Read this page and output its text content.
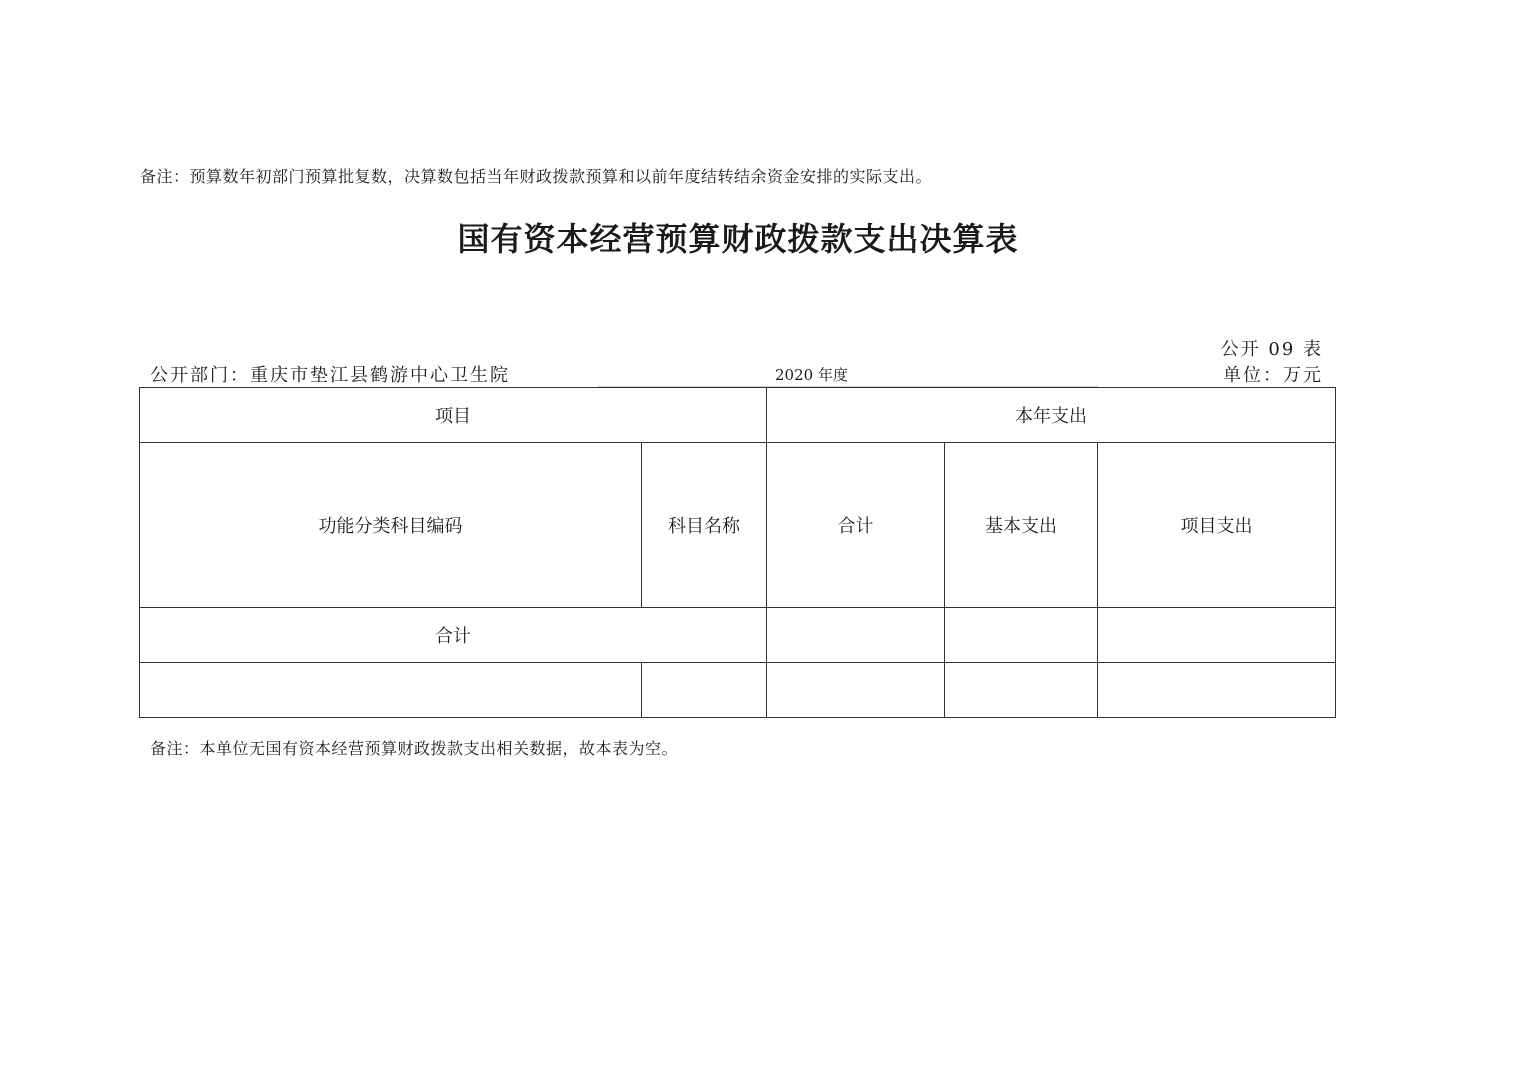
备注：预算数年初部门预算批复数，决算数包括当年财政拨款预算和以前年度结转结余资金安排的实际支出。
国有资本经营预算财政拨款支出决算表
公开 09 表
公开部门：重庆市垫江县鹤游中心卫生院	2020 年度	单位：万元
项目		本年支出		
功能分类科目编码	科目名称	合计	基本支出	项目支出
合计				

备注：本单位无国有资本经营预算财政拨款支出相关数据，故本表为空。
